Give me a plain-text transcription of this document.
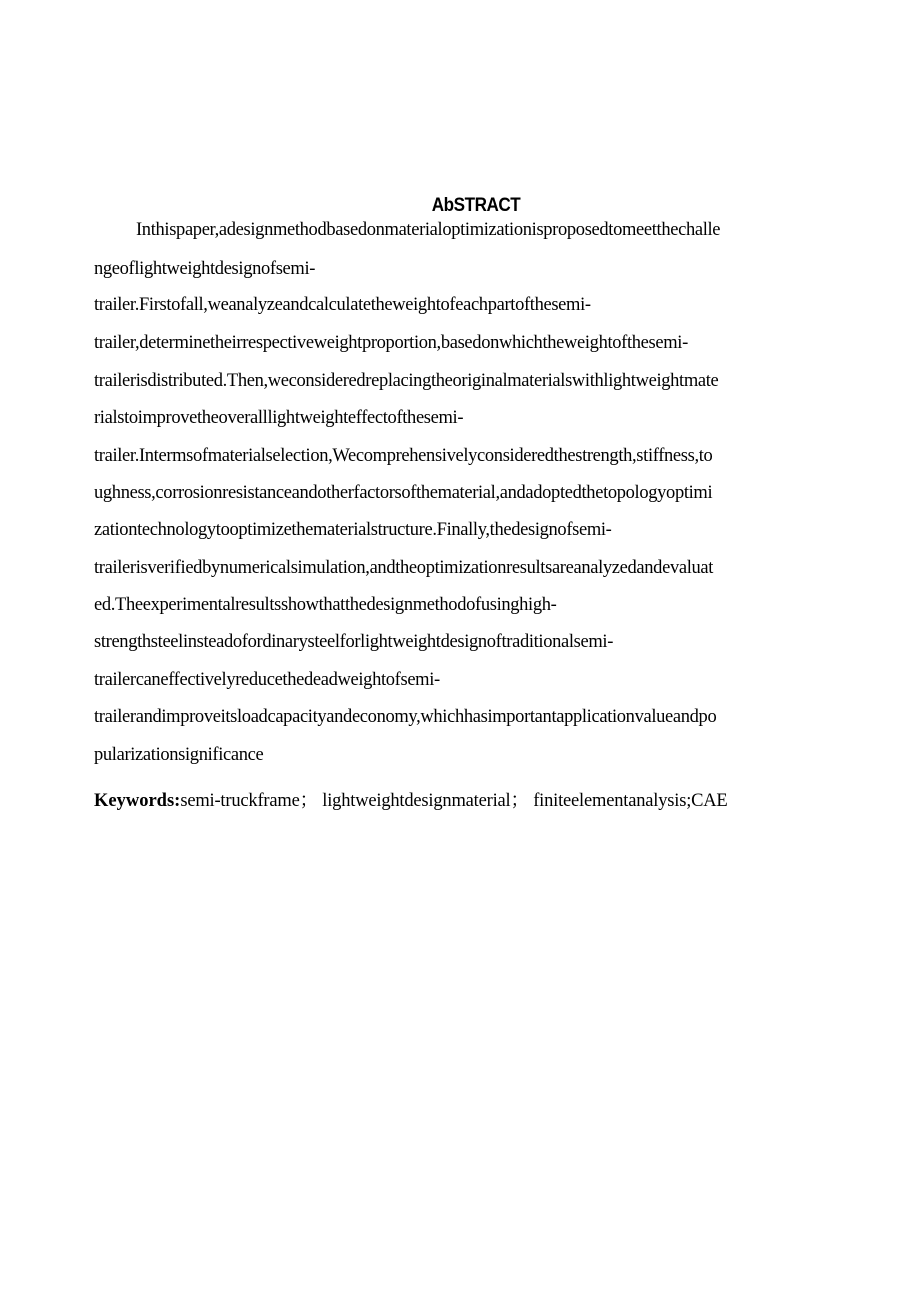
AbSTRACT
Inthispaper,adesignmethodbasedonmaterialoptimizationisproposedtomeetthechalle
ngeoflightweightdesignofsemi-
trailer.Firstofall,weanalyzeandcalculatetheweightofeachpartofthesemi-
trailer,determinetheirrespectiveweightproportion,basedonwhichtheweightofthesemi-
trailerisdistributed.Then,weconsideredreplacingtheoriginalmaterialswithlightweightmate
rialstoimprovetheoveralllightweighteffectofthesemi-
trailer.Intermsofmaterialselection,Wecomprehensivelyconsideredthestrength,stiffness,to
ughness,corrosionresistanceandotherfactorsofthematerial,andadoptedthetopologyoptimi
zationtechnologytooptimizethematerialstructure.Finally,thedesignofsemi-
trailerisverifiedbynumericalsimulation,andtheoptimizationresultsareanalyzedandevaluat
ed.Theexperimentalresultsshowthatthedesignmethodofusinghigh-
strengthsteelinsteadofordinarysteelforlightweightdesignoftraditionalsemi-
trailercaneffectivelyreducethedeadweightofsemi-
trailerandimproveitsloadcapacityandeconomy,whichhasimportantapplicationvalueandpo
pularizationsignificance
Keywords:semi-truckframe； lightweightdesignmaterial； finiteelementanalysis;CAE
